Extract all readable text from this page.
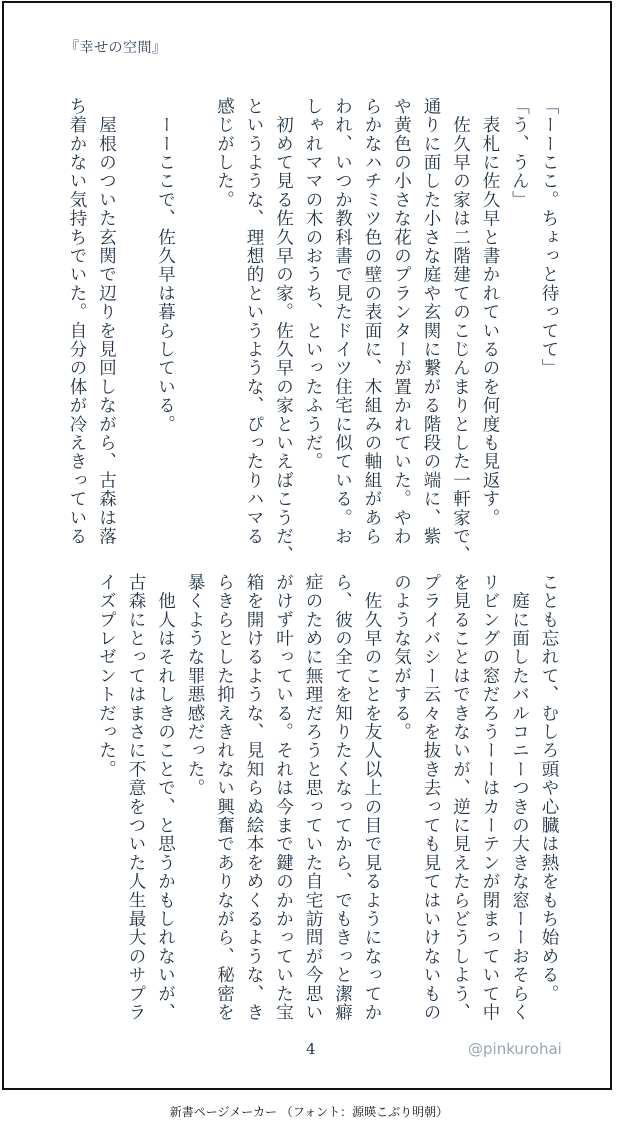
『幸せの空間』

「ーーここ。ちょっと待ってて」

「う、うん」

　表札に佐久早と書かれているのを何度も見返す。

　佐久早の家は二階建てのこじんまりとした一軒家で、

通りに面した小さな庭や玄関に繋がる階段の端に、紫

や黄色の小さな花のプランターが置かれていた。やわ

らかなハチミツ色の壁の表面に、木組みの軸組があら

われ、いつか教科書で見たドイツ住宅に似ている。お

しゃれママの木のおうち、といったふうだ。

　初めて見る佐久早の家。佐久早の家といえばこうだ、

というような、理想的というような、ぴったりハマる

感じがした。

　ーーここで、佐久早は暮らしている。

　屋根のついた玄関で辺りを見回しながら、古森は落

ち着かない気持ちでいた。自分の体が冷えきっている

ことも忘れて、むしろ頭や心臓は熱をもち始める。

　庭に面したバルコニーつきの大きな窓ーーおそらく

リビングの窓だろうーーはカーテンが閉まっていて中

を見ることはできないが、逆に見えたらどうしよう、

プライバシー云々を抜き去っても見てはいけないもの

のような気がする。

　佐久早のことを友人以上の目で見るようになってか

ら、彼の全てを知りたくなってから、でもきっと潔癖

症のために無理だろうと思っていた自宅訪問が今思い

がけず叶っている。それは今まで鍵のかかっていた宝

箱を開けるような、見知らぬ絵本をめくるような、き

らきらとした抑えきれない興奮でありながら、秘密を

暴くような罪悪感だった。

　他人はそれしきのことで、と思うかもしれないが、

古森にとってはまさに不意をついた人生最大のサプラ

イズプレゼントだった。

4	@pinkurohai
新書ページメーカー （フォント：源暎こぶり明朝）
